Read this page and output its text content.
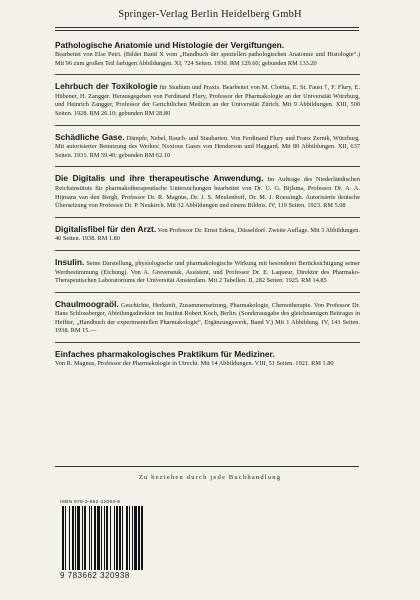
Springer-Verlag Berlin Heidelberg GmbH
Pathologische Anatomie und Histologie der Vergiftungen.
Bearbeitet von Else Petri. (Bildet Band X vom „Handbuch der speziellen pathologischen Anatomie und Histologie“.) Mit 96 zum großen Teil farbigen Abbildungen. XI, 724 Seiten. 1930. RM 129.60; gebunden RM 133.20
Lehrbuch der Toxikologie für Studium und Praxis. Bearbeitet von M. Cloëtta, E. St. Faust †, F. Flury, E. Hübener, H. Zangger. Herausgegeben von Ferdinand Flury, Professor der Pharmakologie an der Universität Würzburg, und Heinrich Zangger, Professor der Gerichtlichen Medizin an der Universität Zürich. Mit 9 Abbildungen. XIII, 500 Seiten. 1928. RM 26.10; gebunden RM 28.80
Schädliche Gase. Dämpfe, Nebel, Rauch- und Staubarten. Von Ferdinand Flury und Franz Zernik, Würzburg. Mit autorisierter Benutzung des Werkes: Noxious Gases von Henderson und Haggard. Mit 80 Abbildungen. XII, 637 Seiten. 1931. RM 59.40; gebunden RM 62.10
Die Digitalis und ihre therapeutische Anwendung. Im Auftrage des Niederländischen Reichsinstituts für pharmakotherapeutische Untersuchungen bearbeitet von Dr. U. G. Bijlsma, Professor Dr. A. A. Hijmans van den Bergh, Professor Dr. R. Magnus, Dr. J. S. Meulenhoff, Dr. M. J. Roessingh. Autorisierte deutsche Übersetzung von Professor Dr. P. Neukirch. Mit 32 Abbildungen und einem Bildnis. IV, 119 Seiten. 1923. RM 5.08
Digitalisfibel für den Arzt. Von Professor Dr. Ernst Edens, Düsseldorf. Zweite Auflage. Mit 3 Abbildungen. 40 Seiten. 1938. RM 1.80
Insulin. Seine Darstellung, physiologische und pharmakologische Wirkung mit besonderer Berücksichtigung seiner Wertbestimmung (Eichung). Von A. Grevenstuk, Assistent, und Professor Dr. E. Laqueur, Direktor des Pharmako-Therapeutischen Laboratoriums der Universität Amsterdam. Mit 2 Tabellen. II, 282 Seiten. 1925. RM 14.85
Chaulmoograöl. Geschichte, Herkunft, Zusammensetzung, Pharmakologie, Chemotherapie. Von Professor Dr. Hans Schlossberger, Abteilungsdirektor im Institut Robert Koch, Berlin. (Sonderausgabe des gleichnamigen Beitrages in Heffter, „Handbuch der experimentellen Pharmakologie“, Ergänzungswerk, Band V.) Mit 1 Abbildung. IV, 141 Seiten. 1938. RM 15.—
Einfaches pharmakologisches Praktikum für Mediziner.
Von R. Magnus, Professor der Pharmakologie in Utrecht. Mit 14 Abbildungen. VIII, 51 Seiten. 1921. RM 1.80
Zu beziehen durch jede Buchhandlung
ISBN 978-3-662-32093-8
9 783662 320938
